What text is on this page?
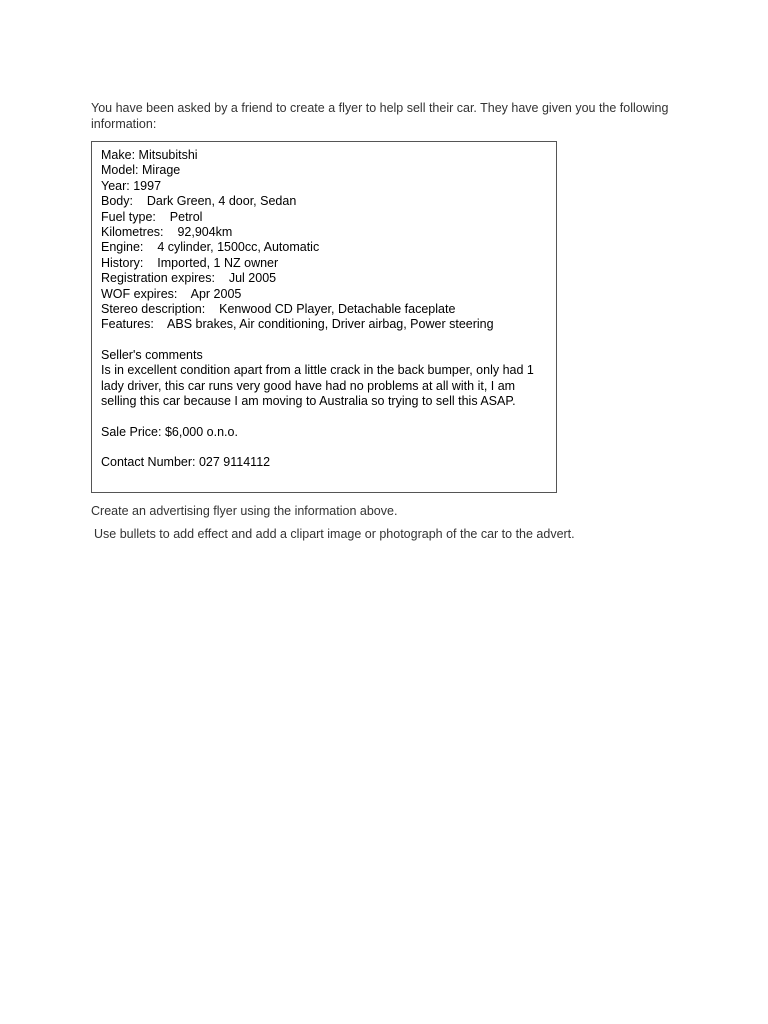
You have been asked by a friend to create a flyer to help sell their car. They have given you the following information:
Make: Mitsubitshi
Model: Mirage
Year: 1997
Body: Dark Green, 4 door, Sedan
Fuel type: Petrol
Kilometres: 92,904km
Engine: 4 cylinder, 1500cc, Automatic
History: Imported, 1 NZ owner
Registration expires: Jul 2005
WOF expires: Apr 2005
Stereo description: Kenwood CD Player, Detachable faceplate
Features: ABS brakes, Air conditioning, Driver airbag, Power steering
Seller's comments
Is in excellent condition apart from a little crack in the back bumper, only had 1 lady driver, this car runs very good have had no problems at all with it, I am selling this car because I am moving to Australia so trying to sell this ASAP.
Sale Price: $6,000 o.n.o.
Contact Number: 027 9114112
Create an advertising flyer using the information above.
Use bullets to add effect and add a clipart image or photograph of the car to the advert.
